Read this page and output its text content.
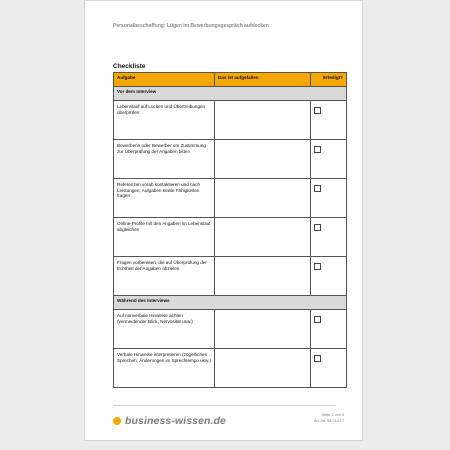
Personalbeschaffung: Lügen im Bewerbungsgespräch aufdecken
Checkliste
Aufgabe	Das ist aufgefallen	Erledigt?
Vor dem Interview		
Lebenslauf auf Lücken und Übertreibungen überprüfen		
Bewerberin oder Bewerber um Zustimmung zur Überprüfung der Angaben bitten		
Referenzen vorab kontaktieren und nach Leistungen, Aufgaben sowie Fähigkeiten fragen		
Online-Profile mit den Angaben im Lebenslauf abgleichen		
Fragen vorbereiten, die auf Überprüfung der Echtheit der Angaben abzielen		
Während des Interviews		
Auf nonverbale Hinweise achten (vermeidender Blick, Nervosität usw.)		
Verbale Hinweise interpretieren (zögerliches Sprechen, Änderungen im Sprechtempo usw.)		
business-wissen.de	Seite 2 von 4
Art.-Nr. 98.014.17
